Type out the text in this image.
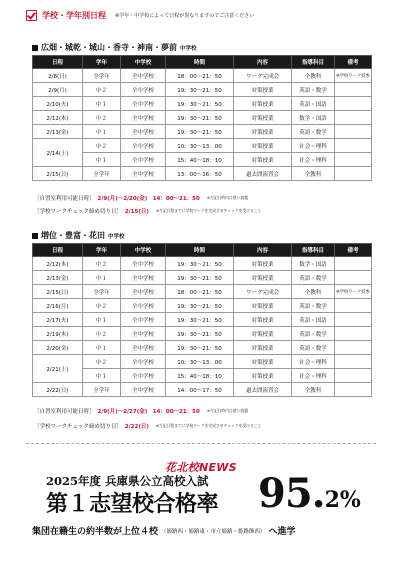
学校・学年別日程 ※学年・中学校によって日程が異なりますのでご注意ください
広畑・城乾・城山・香寺・神南・夢前 中学校
日程	学年	中学校	時間	内容	指導科目	備考
2/8(日)	全学年	全中学校	18：00～21：50	ワーク完成会	全教科	※学校ワーク持参
2/9(月)	中２	全中学校	19：30～21：50	対策授業	英語・数学	
2/10(火)	中１	全中学校	19：30～21：50	対策授業	英語・国語	
2/12(木)	中２	全中学校	19：30～21：50	対策授業	数学・国語	
2/13(金)	中１	全中学校	19：30～21：50	対策授業	英語・数学	
2/14(土)	中２	全中学校	10：30～13：00	対策授業	社会・理科	
	中１	全中学校	15：40～18：10	対策授業	社会・理科	
2/15(日)	全学年	全中学校	13：00～16：50	過去問演習会	全教科	
［自習室利用可能日時］ 2/9(月)～2/20(金)　14：00～21：50 ※左記日時内は使い放題
［学校ワークチェック締め切り日］ 2/15(日) ※左記日程までに学校ワークを完成させチェックを受けること
増位・豊富・花田 中学校
日程	学年	中学校	時間	内容	指導科目	備考
2/12(木)	中２	全中学校	19：30～21：50	対策授業	数学・国語	
2/13(金)	中１	全中学校	19：30～21：50	対策授業	英語・数学	
2/15(日)	全学年	全中学校	18：00～21：50	ワーク完成会	全教科	※学校ワーク持参
2/16(月)	中２	全中学校	19：30～21：50	対策授業	英語・数学	
2/17(火)	中１	全中学校	19：30～21：50	対策授業	英語・国語	
2/19(木)	中２	全中学校	19：30～21：50	対策授業	英語・数学	
2/20(金)	中１	全中学校	19：30～21：50	対策授業	英語・数学	
2/21(土)	中２	全中学校	10：30～13：00	対策授業	社会・理科	
	中１	全中学校	15：40～18：10	対策授業	社会・理科	
2/22(日)	全学年	全中学校	14：00～17：50	過去問演習会	全教科	
［自習室利用可能日時］ 2/9(月)～2/27(金)　14：00～21：50 ※左記日時内は使い放題
［学校ワークチェック締め切り日］ 2/22(日) ※左記日程までに学校ワークを完成させチェックを受けること
花北校NEWS
2025年度 兵庫県公立高校入試
第１志望校合格率 95. 2%
集団在籍生の約半数が上位４校 （姫路西・姫路東・市立姫路・姫路飾西） へ進学
